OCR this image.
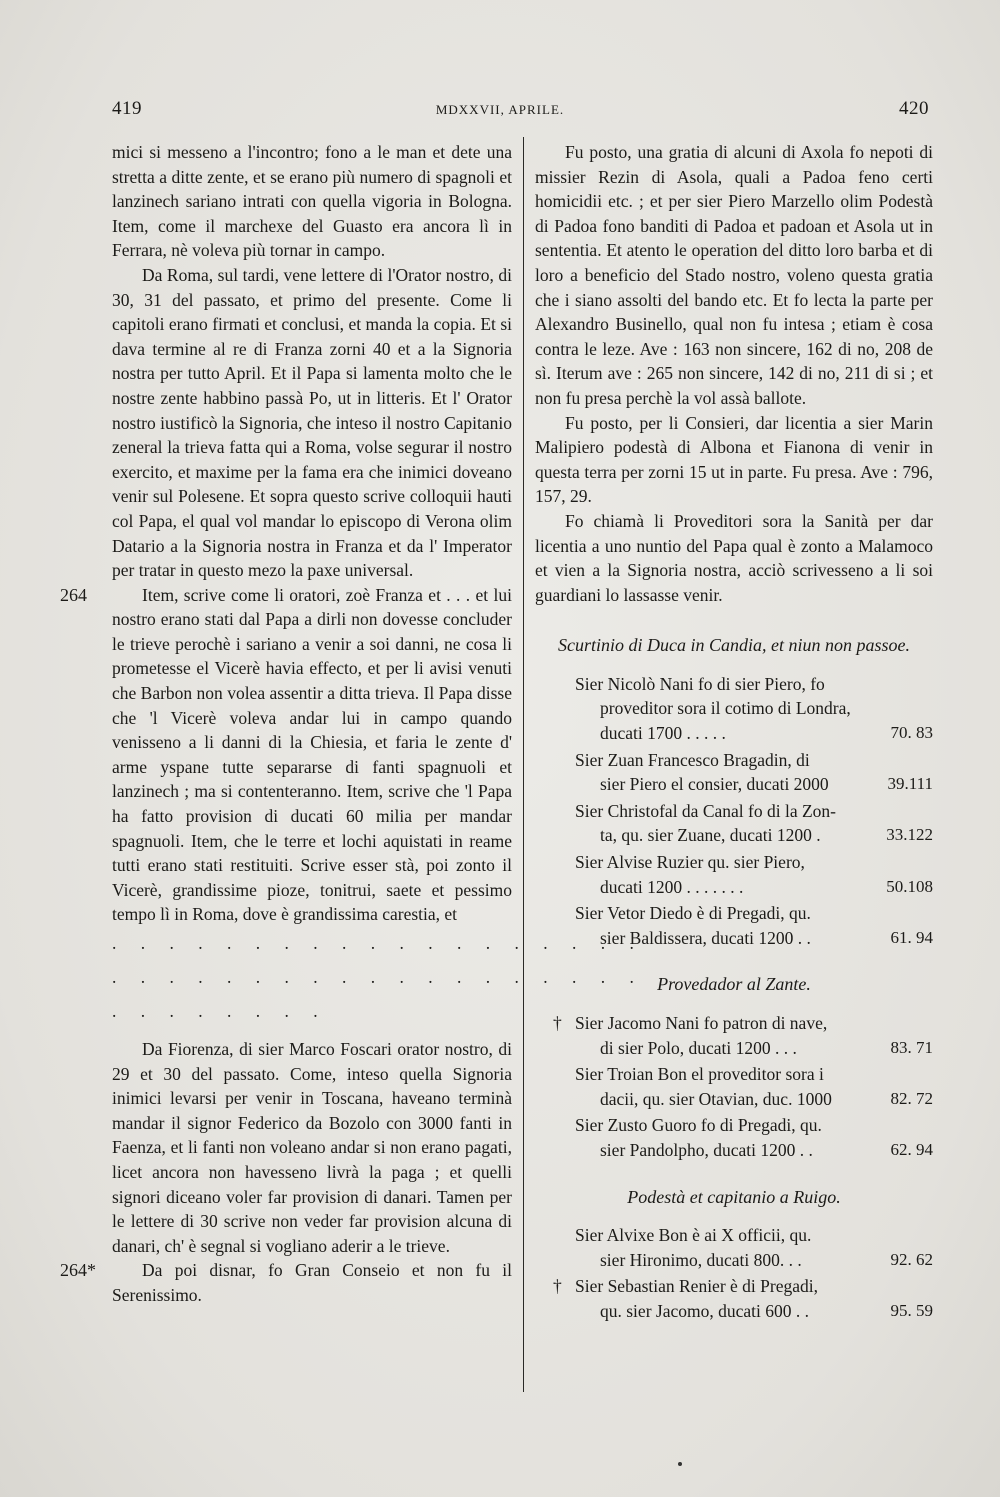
419	MDXXVII, APRILE.	420

mici si messeno a l'incontro; fono a le man et dete una stretta a ditte zente, et se erano più numero di spagnoli et lanzinech sariano intrati con quella vigoria in Bologna. Item, come il marchexe del Guasto era ancora lì in Ferrara, nè voleva più tornar in campo.

Da Roma, sul tardi, vene lettere di l'Orator nostro, di 30, 31 del passato, et primo del presente. Come li capitoli erano firmati et conclusi, et manda la copia. Et si dava termine al re di Franza zorni 40 et a la Signoria nostra per tutto April. Et il Papa si lamenta molto che le nostre zente habbino passà Po, ut in litteris. Et l' Orator nostro iustificò la Signoria, che inteso il nostro Capitanio zeneral la trieva fatta qui a Roma, volse segurar il nostro exercito, et maxime per la fama era che inimici doveano venir sul Polesene. Et sopra questo scrive colloquii hauti col Papa, el qual vol mandar lo episcopo di Verona olim Datario a la Signoria nostra in Franza et da l' Imperator per tratar in questo mezo la paxe universal.

264	Item, scrive come li oratori, zoè Franza et . . . et lui nostro erano stati dal Papa a dirli non dovesse concluder le trieve perochè i sariano a venir a soi danni, ne cosa li prometesse el Vicerè havia effecto, et per li avisi venuti che Barbon non volea assentir a ditta trieva. Il Papa disse che 'l Vicerè voleva andar lui in campo quando venisseno a li danni di la Chiesia, et faria le zente d' arme yspane tutte separarse di fanti spagnuoli et lanzinech ; ma si contenteranno. Item, scrive che 'l Papa ha fatto provision di ducati 60 milia per mandar spagnuoli. Item, che le terre et lochi aquistati in reame tutti erano stati restituiti. Scrive esser stà, poi zonto il Vicerè, grandissime pioze, tonitrui, saete et pessimo tempo lì in Roma, dove è grandissima carestia, et

. . . . . . . . . . . . . . . . . . .
. . . . . . . . . . . . . . . . . . .
. . . . . . . .

Da Fiorenza, di sier Marco Foscari orator nostro, di 29 et 30 del passato. Come, inteso quella Signoria inimici levarsi per venir in Toscana, haveano terminà mandar il signor Federico da Bozolo con 3000 fanti in Faenza, et li fanti non voleano andar si non erano pagati, licet ancora non havesseno livrà la paga ; et quelli signori diceano voler far provision di danari. Tamen per le lettere di 30 scrive non veder far provision alcuna di danari, ch' è segnal si vogliano aderir a le trieve.

264*	Da poi disnar, fo Gran Conseio et non fu il Serenissimo.

Fu posto, una gratia di alcuni di Axola fo nepoti di missier Rezin di Asola, quali a Padoa feno certi homicidii etc. ; et per sier Piero Marzello olim Podestà di Padoa fono banditi di Padoa et padoan et Asola ut in sententia. Et atento le operation del ditto loro barba et di loro a beneficio del Stado nostro, voleno questa gratia che i siano assolti del bando etc. Et fo lecta la parte per Alexandro Businello, qual non fu intesa ; etiam è cosa contra le leze. Ave : 163 non sincere, 162 di no, 208 de sì. Iterum ave : 265 non sincere, 142 di no, 211 di si ; et non fu presa perchè la vol assà ballote.

Fu posto, per li Consieri, dar licentia a sier Marin Malipiero podestà di Albona et Fianona di venir in questa terra per zorni 15 ut in parte. Fu presa. Ave : 796, 157, 29.

Fo chiamà li Proveditori sora la Sanità per dar licentia a uno nuntio del Papa qual è zonto a Malamoco et vien a la Signoria nostra, acciò scrivesseno a li soi guardiani lo lassasse venir.

Scurtinio di Duca in Candia, et niun non passoe.
Sier Nicolò Nani fo di sier Piero, fo
proveditor sora il cotimo di Londra, ducati 1700 . . . . .	70. 83
Sier Zuan Francesco Bragadin, di
sier Piero el consier, ducati 2000	39.111
Sier Christofal da Canal fo di la Zon-
ta, qu. sier Zuane, ducati 1200 .	33.122
Sier Alvise Ruzier qu. sier Piero,
ducati 1200 . . . . . . .	50.108
Sier Vetor Diedo è di Pregadi, qu.
sier Baldissera, ducati 1200 . .	61. 94
Provedador al Zante.
† Sier Jacomo Nani fo patron di nave,
di sier Polo, ducati 1200 . . .	83. 71
Sier Troian Bon el proveditor sora i
dacii, qu. sier Otavian, duc. 1000	82. 72
Sier Zusto Guoro fo di Pregadi, qu.
sier Pandolpho, ducati 1200 . .	62. 94
Podestà et capitanio a Ruigo.
Sier Alvixe Bon è ai X officii, qu.
sier Hironimo, ducati 800. . .	92. 62
† Sier Sebastian Renier è di Pregadi,
qu. sier Jacomo, ducati 600 . .	95. 59
